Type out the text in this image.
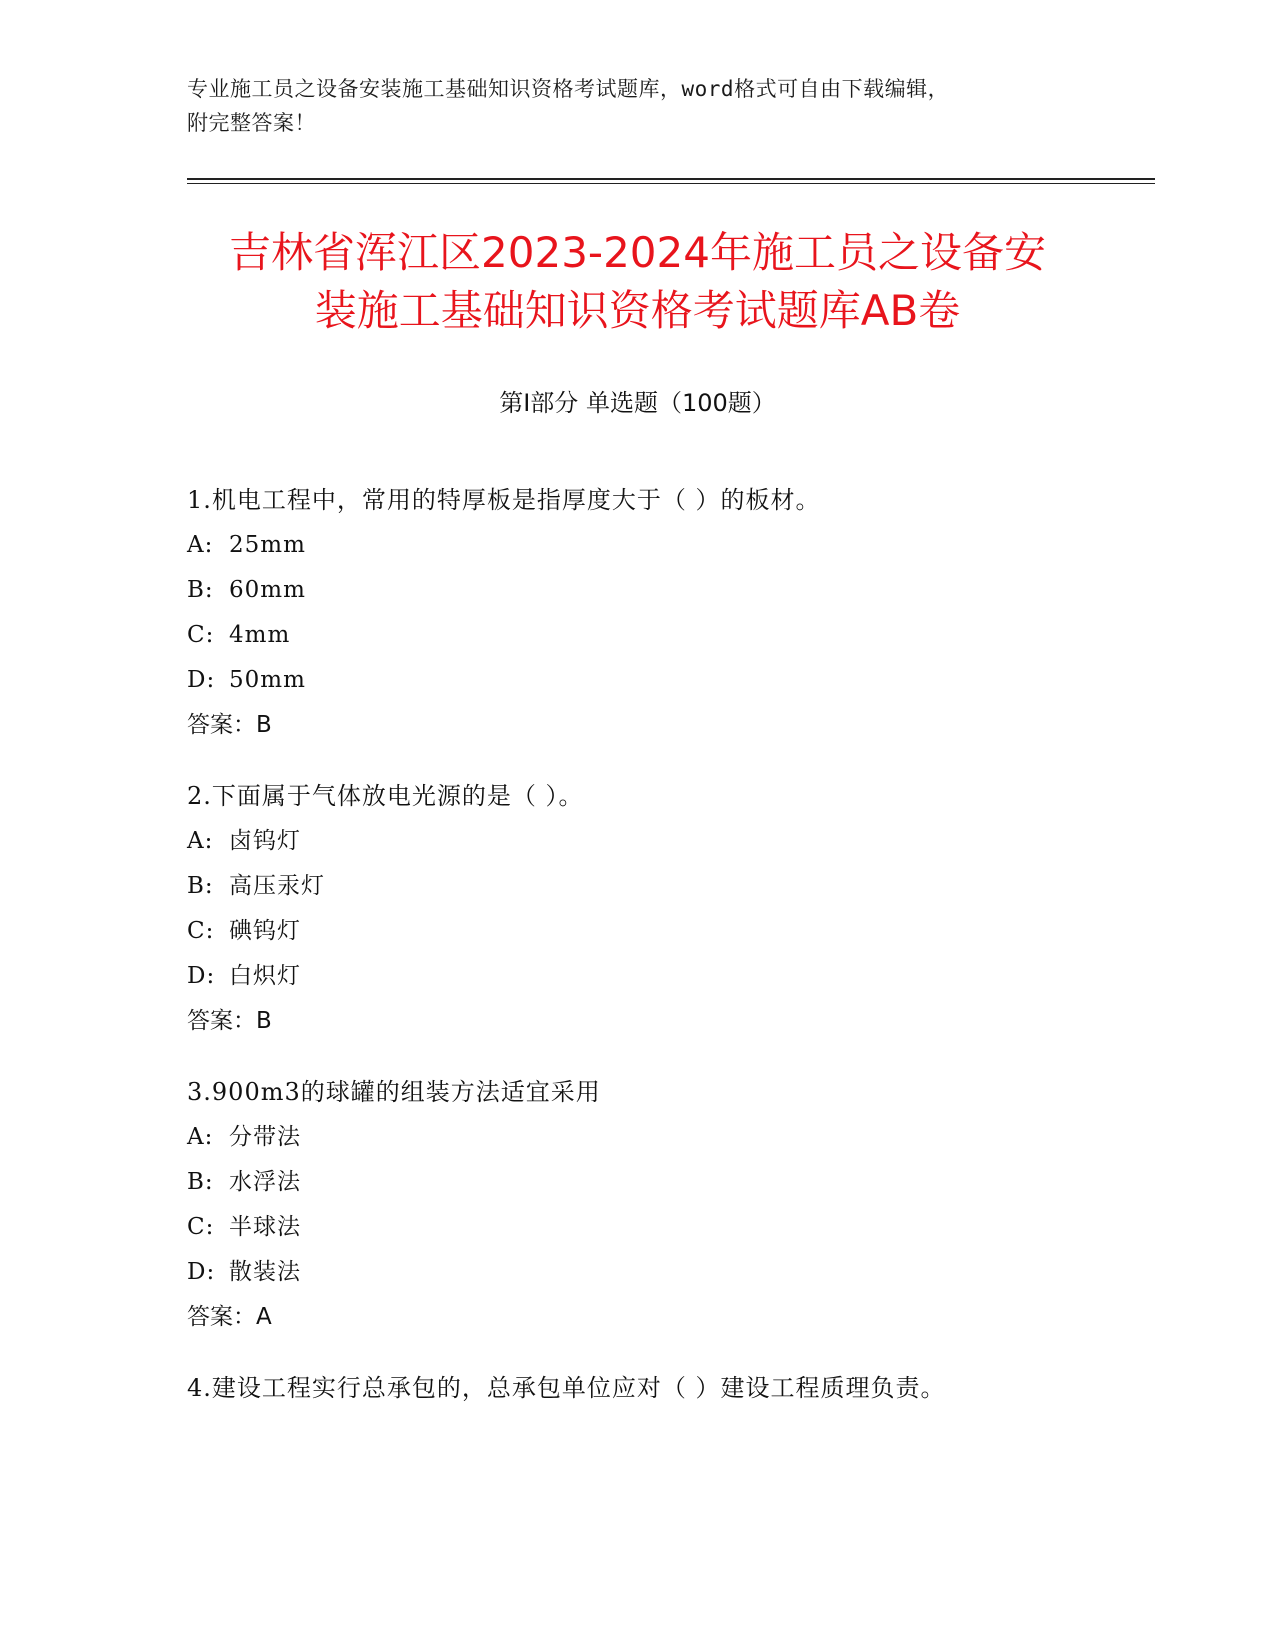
专业施工员之设备安装施工基础知识资格考试题库，word格式可自由下载编辑，
附完整答案！
吉林省浑江区2023-2024年施工员之设备安
装施工基础知识资格考试题库AB卷
第Ⅰ部分 单选题（100题）
1.机电工程中，常用的特厚板是指厚度大于（ ）的板材。
A: 25mm
B: 60mm
C: 4mm
D: 50mm
答案：B
2.下面属于气体放电光源的是（ ）。
A: 卤钨灯
B: 高压汞灯
C: 碘钨灯
D: 白炽灯
答案：B
3.900m3的球罐的组装方法适宜采用
A: 分带法
B: 水浮法
C: 半球法
D: 散装法
答案：A
4.建设工程实行总承包的，总承包单位应对（ ）建设工程质理负责。
